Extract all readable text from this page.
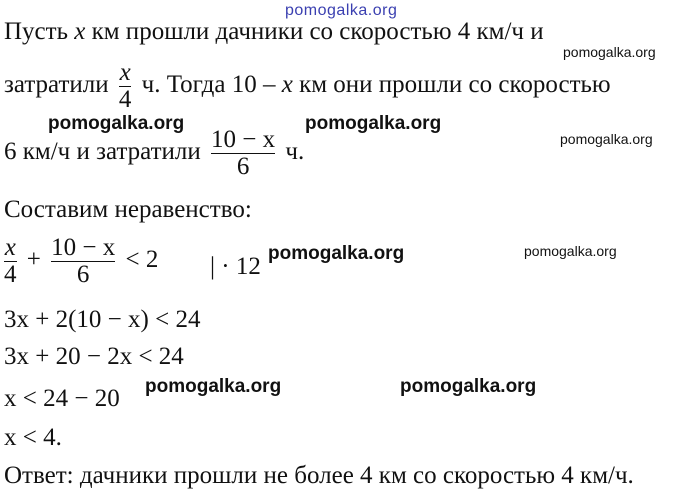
pomogalka.org
pomogalka.org
pomogalka.org	pomogalka.org
pomogalka.org
pomogalka.org	pomogalka.org
pomogalka.org	pomogalka.org
Пусть x км прошли дачники со скоростью 4 км/ч и
затратили $\frac{x}{4} ч$. Тогда 10 – x км они прошли со скоростью
6 км/ч и затратили $\frac{10 - x}{6} ч$.
Составим неравенство:
$\frac{x}{4} + \frac{10 - x}{6} < 2$ | · 12
3x + 2(10 − x) < 24
3x + 20 − 2x < 24
x < 24 − 20
x < 4.
Ответ: дачники прошли не более 4 км со скоростью 4 км/ч.
